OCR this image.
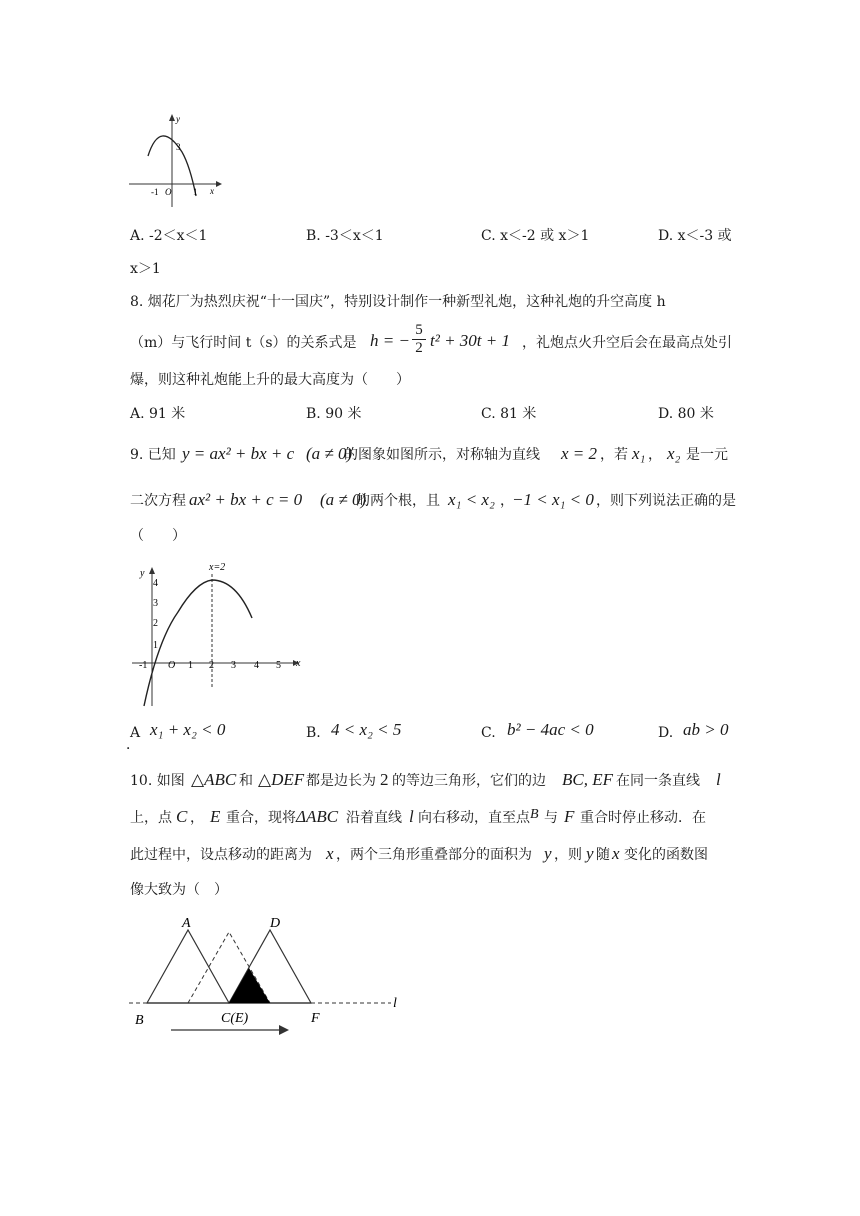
y
x
O
-1	1
3
A. -2＜x＜1	B. -3＜x＜1	C. x＜-2 或 x＞1	D. x＜-3 或
x＞1
8. 烟花厂为热烈庆祝“十一国庆”，特别设计制作一种新型礼炮，这种礼炮的升空高度 h
（m）与飞行时间 t（s）的关系式是 h = −
5
2 t² + 30t + 1 ，礼炮点火升空后会在最高点处引
爆，则这种礼炮能上升的最大高度为（　　）
A. 91 米	B. 90 米	C. 81 米	D. 80 米
9. 已知 y = ax² + bx + c (a ≠ 0)
的图象如图所示，对称轴为直线 x = 2 ，若 x₁ ， x₂ 是一元
二次方程 ax² + bx + c = 0 (a ≠ 0)
的两个根，且 x₁ < x₂ ，
−1 < x₁ < 0 ，则下列说法正确的是
（　　）
x=2
y
x
O
1
2
3
4
-1	1 2 3 4 5
A
．
x₁ + x₂ < 0	B. 4 < x₂ < 5	C. b² − 4ac < 0	D. ab > 0
10. 如图 △ABC 和 △DEF 都是边长为 2 的等边三角形，它们的边 BC, EF 在同一条直线 l
上，点 C ， E 重合，现将 ΔABC 沿着直线 l 向右移动，直至点 B 与 F 重合时停止移动．在
此过程中，设点移动的距离为 x ，两个三角形重叠部分的面积为 y ，则 y 随 x 变化的函数图
像大致为（　）
A	D
B	C(E)	F
l
